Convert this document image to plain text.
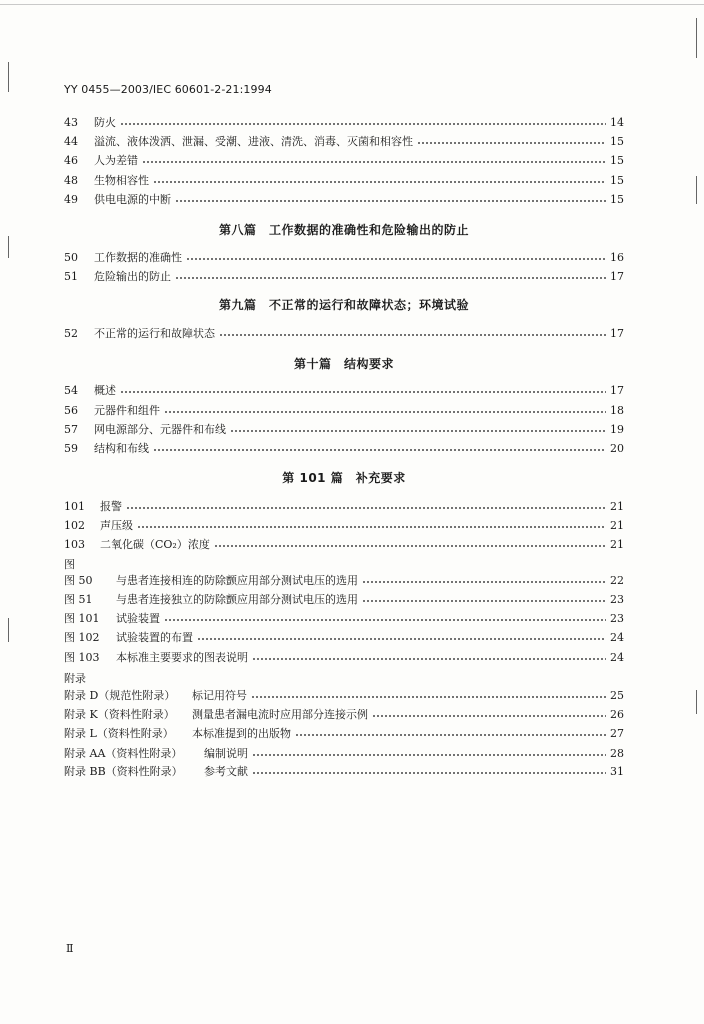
YY 0455—2003/IEC 60601-2-21:1994
43	防火	14
44	溢流、液体泼洒、泄漏、受潮、进液、清洗、消毒、灭菌和相容性	15
46	人为差错	15
48	生物相容性	15
49	供电电源的中断	15
第八篇　工作数据的准确性和危险输出的防止
50	工作数据的准确性	16
51	危险输出的防止	17
第九篇　不正常的运行和故障状态；环境试验
52	不正常的运行和故障状态	17
第十篇　结构要求
54	概述	17
56	元器件和组件	18
57	网电源部分、元器件和布线	19
59	结构和布线	20
第 101 篇　补充要求
101	报警	21
102	声压级	21
103	二氧化碳（CO₂）浓度	21
图
图 50	与患者连接相连的防除颤应用部分测试电压的选用	22
图 51	与患者连接独立的防除颤应用部分测试电压的选用	23
图 101	试验装置	23
图 102	试验装置的布置	24
图 103	本标准主要要求的图表说明	24
附录
附录 D（规范性附录）	标记用符号	25
附录 K（资料性附录）	测量患者漏电流时应用部分连接示例	26
附录 L（资料性附录）	本标准提到的出版物	27
附录 AA（资料性附录）	编制说明	28
附录 BB（资料性附录）	参考文献	31
Ⅱ
